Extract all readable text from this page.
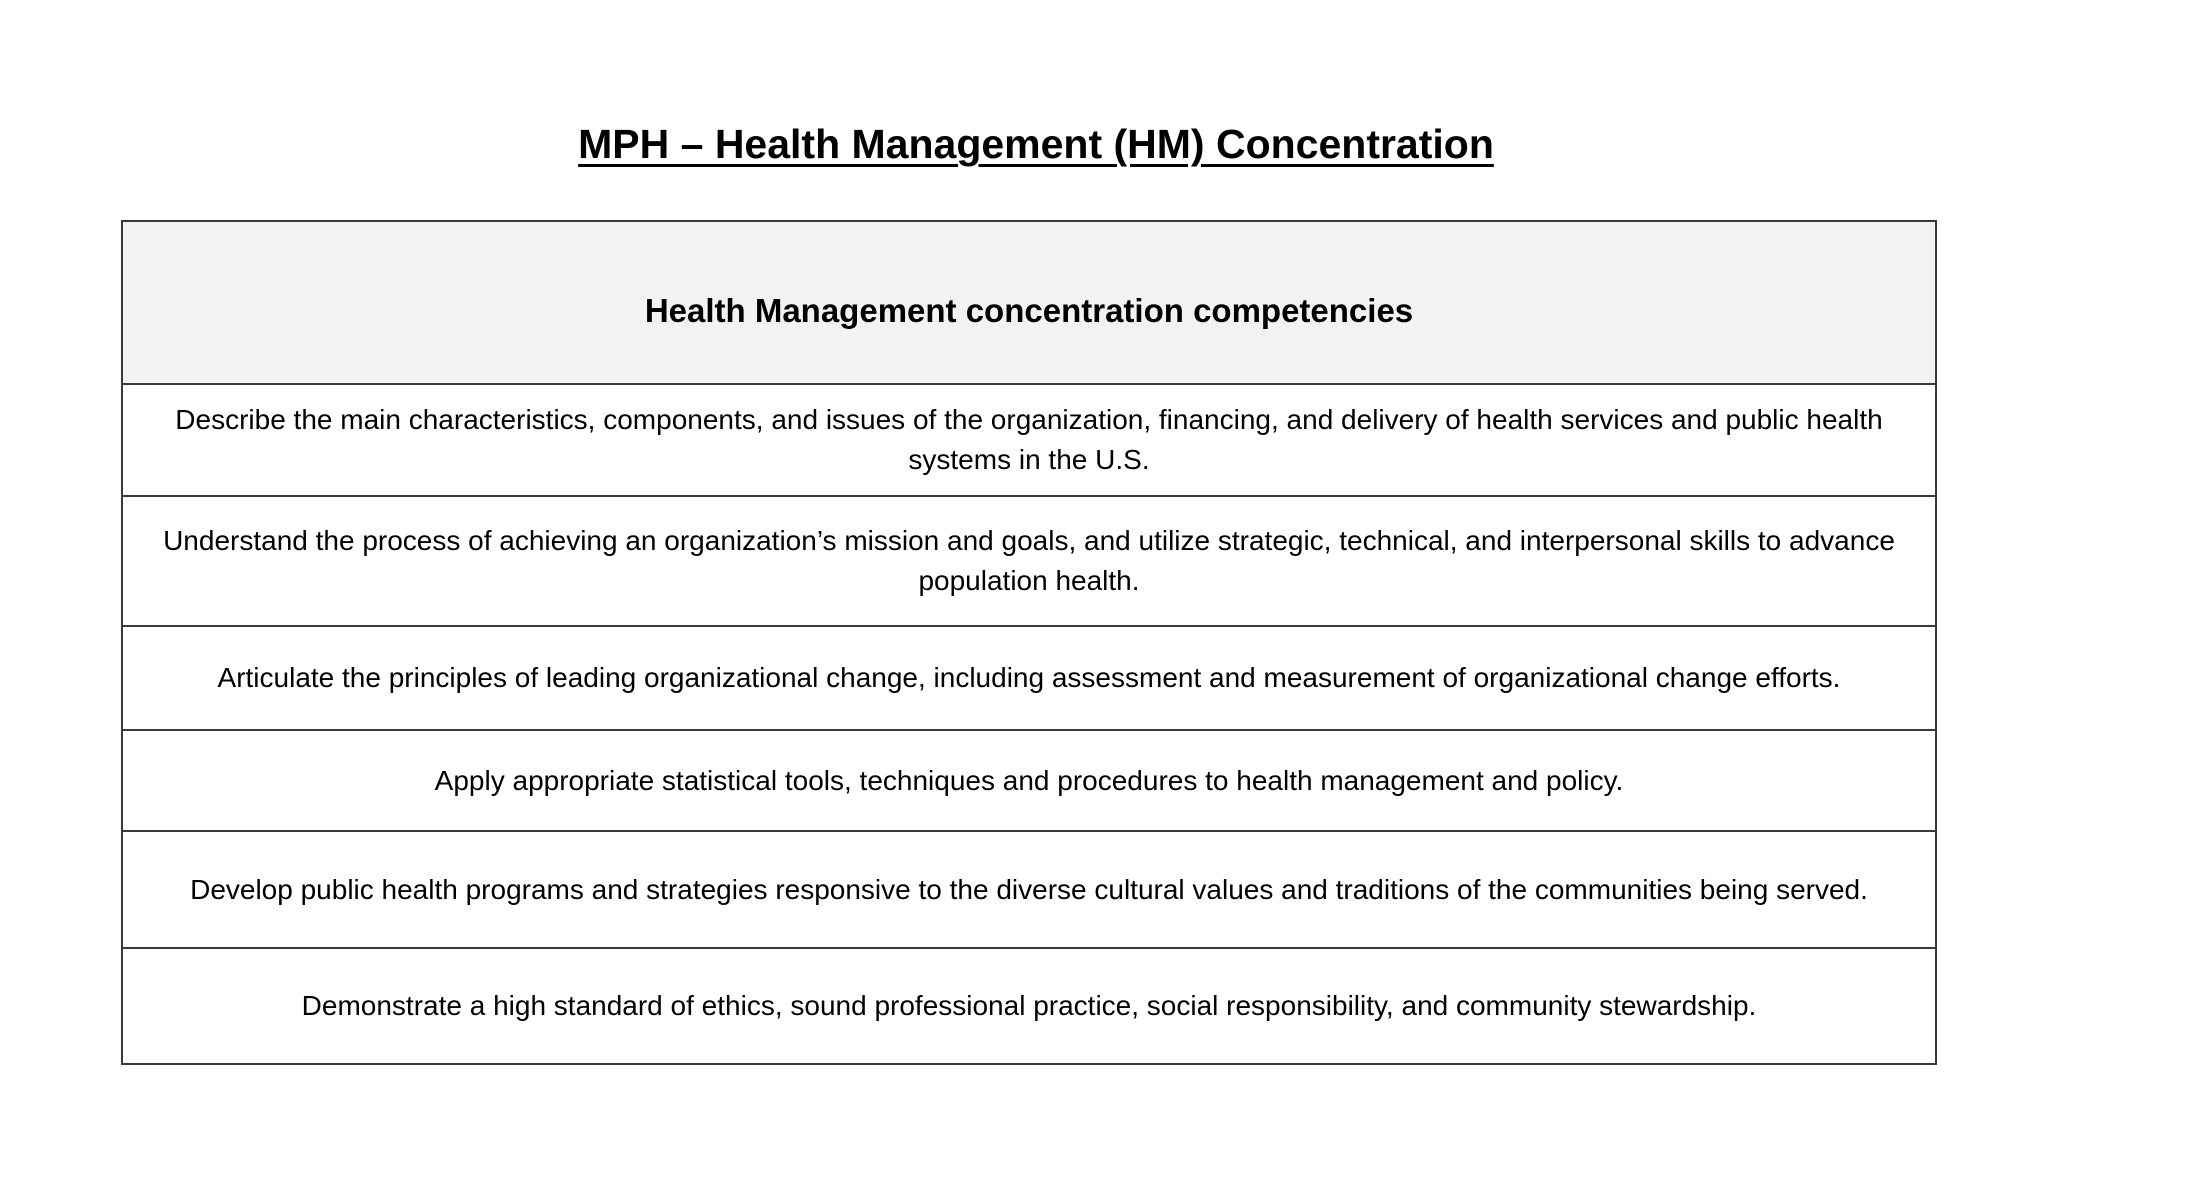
MPH – Health Management (HM) Concentration
Health Management concentration competencies
Describe the main characteristics, components, and issues of the organization, financing, and delivery of health services and public health systems in the U.S.
Understand the process of achieving an organization’s mission and goals, and utilize strategic, technical, and interpersonal skills to advance population health.
Articulate the principles of leading organizational change, including assessment and measurement of organizational change efforts.
Apply appropriate statistical tools, techniques and procedures to health management and policy.
Develop public health programs and strategies responsive to the diverse cultural values and traditions of the communities being served.
Demonstrate a high standard of ethics, sound professional practice, social responsibility, and community stewardship.
